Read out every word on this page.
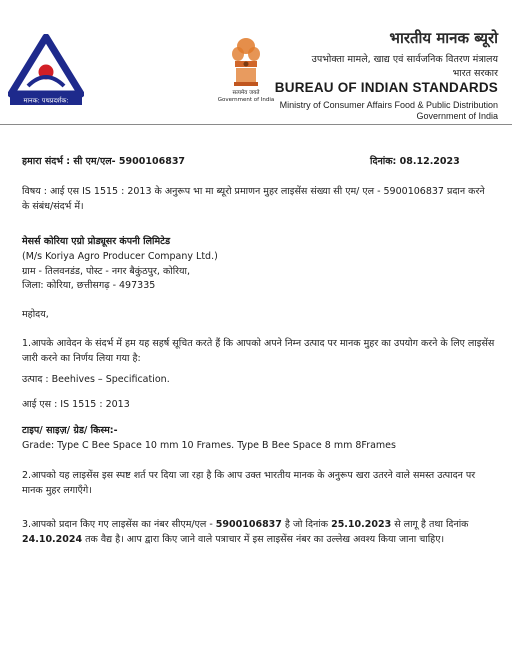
मानक: पथप्रदर्शक:
सत्यमेव जयते
Government of India
भारतीय मानक ब्यूरो
उपभोक्ता मामले, खाद्य एवं सार्वजनिक वितरण मंत्रालय
भारत सरकार
BUREAU OF INDIAN STANDARDS
Ministry of Consumer Affairs Food & Public Distribution
Government of India
हमारा संदर्भ : सी एम/एल- 5900106837	दिनांक: 08.12.2023
विषय : आई एस IS 1515 : 2013 के अनुरूप भा मा ब्यूरो प्रमाणन मुहर लाइसेंस संख्या सी एम/ एल - 5900106837 प्रदान करने के संबंध/संदर्भ में।
मेसर्स कोरिया एग्रो प्रोड्यूसर कंपनी लिमिटेड
(M/s Koriya Agro Producer Company Ltd.)
ग्राम - तिलवनडंड, पोस्ट - नगर बैकुंठपुर, कोरिया,
जिला: कोरिया, छत्तीसगढ़ - 497335
महोदय,
1.आपके आवेदन के संदर्भ में हम यह सहर्ष सूचित करते हैं कि आपको अपने निम्न उत्पाद पर मानक मुहर का उपयोग करने के लिए लाइसेंस जारी करने का निर्णय लिया गया है:
उत्पाद : Beehives – Specification.
आई एस : IS 1515 : 2013
टाइप/ साइज़/ ग्रेड/ किस्म:-
Grade: Type C Bee Space 10 mm 10 Frames. Type B Bee Space 8 mm 8Frames
2.आपको यह लाइसेंस इस स्पष्ट शर्त पर दिया जा रहा है कि आप उक्त भारतीय मानक के अनुरूप खरा उतरने वाले समस्त उत्पादन पर मानक मुहर लगाएँगे।
3.आपको प्रदान किए गए लाइसेंस का नंबर सीएम/एल - 5900106837 है जो दिनांक 25.10.2023 से लागू है तथा दिनांक 24.10.2024 तक वैद्य है। आप द्वारा किए जाने वाले पत्राचार में इस लाइसेंस नंबर का उल्लेख अवश्य किया जाना चाहिए।
